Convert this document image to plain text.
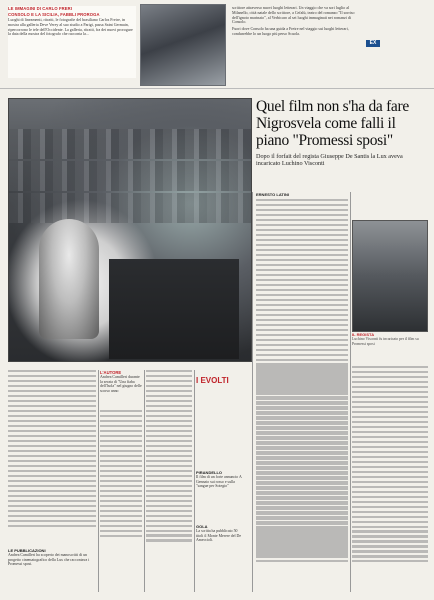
LE IMMAGINI DI CARLO FRERI
CONSOLO E LA SICILIA, FABBLI PROROGA
Luoghi di lineamenti, ritratti, le fotografie del brasiliano Carlos Freire, in mostra alla galleria Deve Verey al suo studio a Parigi, passa Saint Germain, ripercorrono le tele dell'Occidente. La galleria, ritratti, fra dei nuovi prorogare la data della mostra del fotografo che racconta la...
scrittore attraverso nuovi luoghi letterari. Un viaggio che va sori luglio al Milanello, città natale dello scrittore, a Cefalù, teatro del romanzo "Il sorriso dell'ignoto marinaio", al Verbicaro al sei luoghi immaginati nei romanzi di Consolo.
Fuori dove Consolo ha una guida a Freire nel viaggio sui luoghi letterari, condurrebbe lo un luogo più perso Scuola.
EX
L'AUTORE
Andrea Camilleri durante la serata di "Una fiaba dell'Isola" nel giugno delle scorso anno
Quel film non s'ha da fare Nigrosvela come falli il piano "Promessi sposi"
Dopo il forfait del regista Giuseppe De Santis la Lux aveva incaricato Luchino Visconti
ERNESTO LATINI
IL REGISTA
Luchino Visconti fu incaricato per il film su Promessi sposi
I EVOLTI
PIRANDELLO
Il film di un forte annuncio A Gennaio sui rosso e sulla "sangue per Sotegio"
GOLA
La scritta ha pubblicato 50 titoli il Monte Merere del De Ameccioli.
LE PUBBLICAZIONI
Andrea Camilleri ha scoperto dei manoscritti di un progetto cinematografico della Lux che raccontava i Promessi sposi.
